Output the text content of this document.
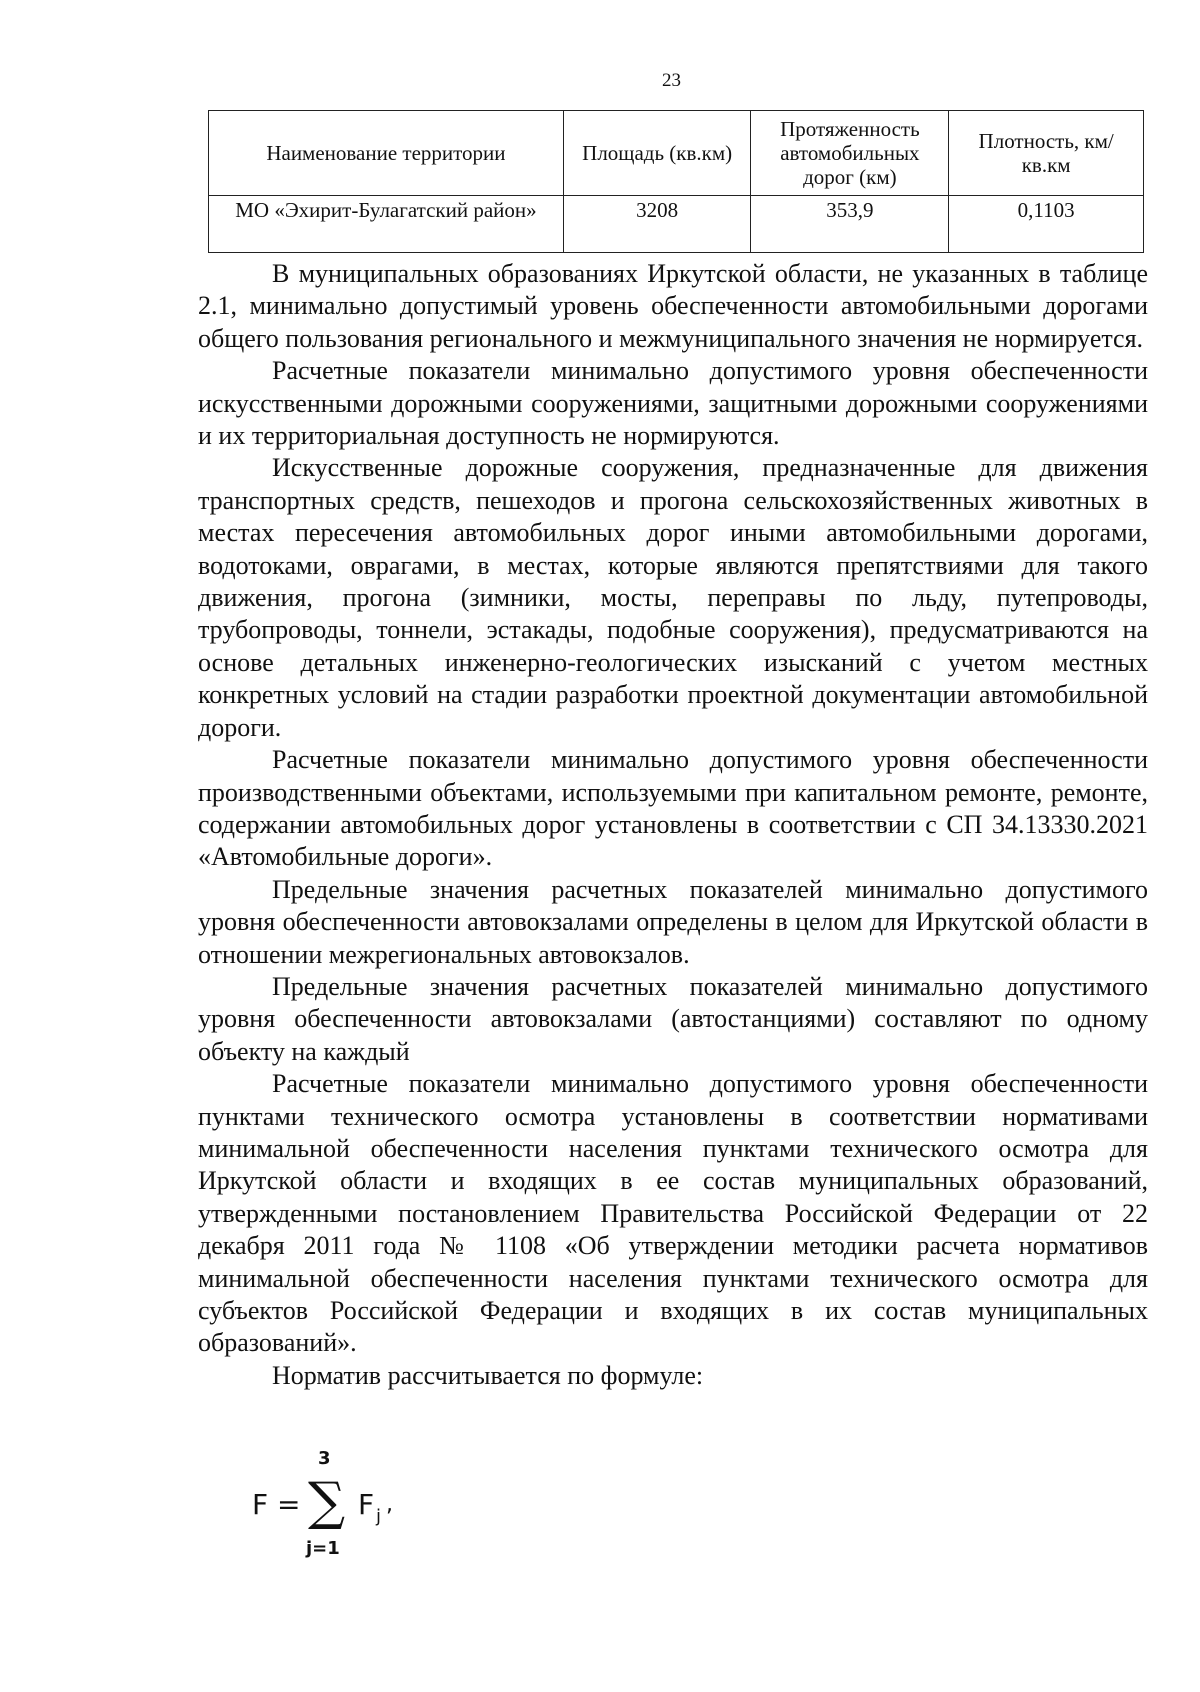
23
Наименование территории	Площадь (кв.км)	Протяженность автомобильных дорог (км)	Плотность, км/кв.км
МО «Эхирит-Булагатский район»	3208	353,9	0,1103

В муниципальных образованиях Иркутской области, не указанных в таблице 2.1, минимально допустимый уровень обеспеченности автомобильными дорогами общего пользования регионального и межмуниципального значения не нормируется.

Расчетные показатели минимально допустимого уровня обеспеченности искусственными дорожными сооружениями, защитными дорожными сооружениями и их территориальная доступность не нормируются.

Искусственные дорожные сооружения, предназначенные для движения транспортных средств, пешеходов и прогона сельскохозяйственных животных в местах пересечения автомобильных дорог иными автомобильными дорогами, водотоками, оврагами, в местах, которые являются препятствиями для такого движения, прогона (зимники, мосты, переправы по льду, путепроводы, трубопроводы, тоннели, эстакады, подобные сооружения), предусматриваются на основе детальных инженерно-геологических изысканий с учетом местных конкретных условий на стадии разработки проектной документации автомобильной дороги.

Расчетные показатели минимально допустимого уровня обеспеченности производственными объектами, используемыми при капитальном ремонте, ремонте, содержании автомобильных дорог установлены в соответствии с СП 34.13330.2021 «Автомобильные дороги».

Предельные значения расчетных показателей минимально допустимого уровня обеспеченности автовокзалами определены в целом для Иркутской области в отношении межрегиональных автовокзалов.

Предельные значения расчетных показателей минимально допустимого уровня обеспеченности автовокзалами (автостанциями) составляют по одному объекту на каждый

Расчетные показатели минимально допустимого уровня обеспеченности пунктами технического осмотра установлены в соответствии нормативами минимальной обеспеченности населения пунктами технического осмотра для Иркутской области и входящих в ее состав муниципальных образований, утвержденными постановлением Правительства Российской Федерации от 22 декабря 2011 года № 1108 «Об утверждении методики расчета нормативов минимальной обеспеченности населения пунктами технического осмотра для субъектов Российской Федерации и входящих в их состав муниципальных образований».

Норматив рассчитывается по формуле:

F =
3
∑
j=1
F j ,
